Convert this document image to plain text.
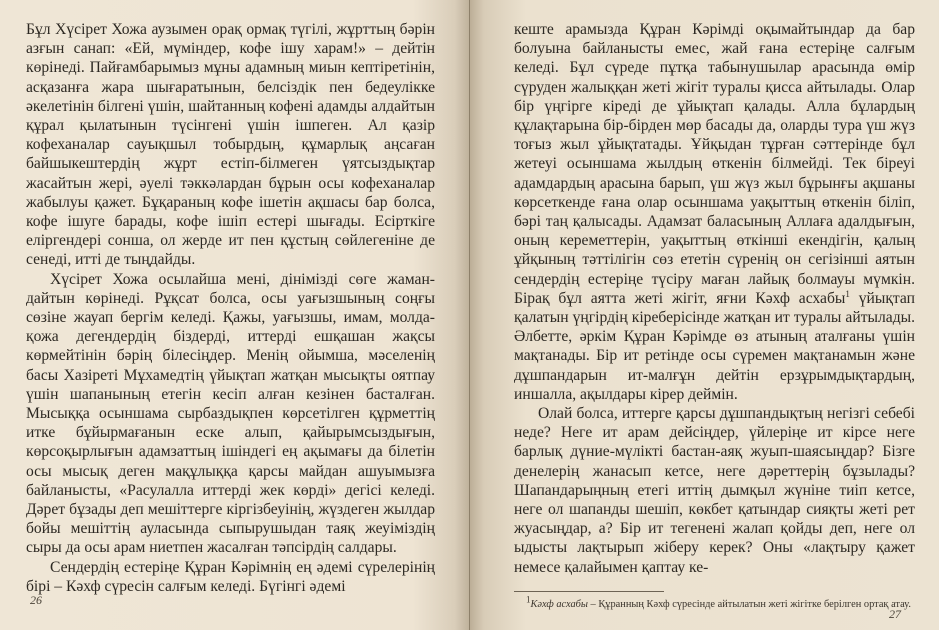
Бұл Хүсірет Хожа аузымен орақ ормақ түгілі, жұрттың бәрін азғын санап: «Ей, мүміндер, кофе ішу харам!» – дейтін көрінеді. Пайғамбарымыз мұны адамның миын кептіретінін, асқазанға жара шығаратынын, белсіздік пен бедеулікке әкелетінін білгені үшін, шайтанның кофені адамды алдайтын құрал қылатынын түсінгені үшін ішпеген. Ал қазір кофеханалар сауықшыл тобырдың, құмарлық аңсаған байшыкештердің жұрт естіп-білмеген үятсыздықтар жасайтын жері, әуелі тәккәлардан бұрын осы кофеханалар жабылуы қажет. Бұқараның кофе ішетін ақшасы бар болса, кофе ішуге барады, кофе ішіп естері шығады. Есірткіге еліргендері сонша, ол жерде ит пен құстың сөйлегеніне де сенеді, итті де тыңдайды.

Хүсірет Хожа осылайша мені, дінімізді сөге жамандайтын көрінеді. Рұқсат болса, осы уағызшының соңғы сөзіне жауап бергім келеді. Қажы, уағызшы, имам, молда-қожа дегендердің біздерді, иттерді ешқашан жақсы көрмейтінін бәрің білесіңдер. Менің ойымша, мәселенің басы Хазіреті Мұхамедтің үйықтап жатқан мысықты оятпау үшін шапанының етегін кесіп алған кезінен басталған. Мысыққа осыншама сырбаздықпен көрсетілген құрметтің итке бұйырмағанын еске алып, қайырымсыздығын, көрсоқырлығын адамзаттың ішіндегі ең ақымағы да білетін осы мысық деген мақұлыққа қарсы майдан ашуымызға байланысты, «Расулалла иттерді жек көрді» дегісі келеді. Дәрет бұзады деп мешіттерге кіргізбеуінің, жүздеген жылдар бойы мешіттің ауласында сыпырушыдан таяқ жеуіміздің сыры да осы арам ниетпен жасалған тәпсірдің салдары.

Сендердің естеріңе Құран Кәрімнің ең әдемі сүрелерінің бірі – Кәхф сүресін салғым келеді. Бүгінгі әдемі

26

кеште арамызда Құран Кәрімді оқымайтындар да бар болуына байланысты емес, жай ғана естеріңе салғым келеді. Бұл сүреде пұтқа табынушылар арасында өмір сүруден жалыққан жеті жігіт туралы қисса айтылады. Олар бір үңгірге кіреді де ұйықтап қалады. Алла бұлардың құлақтарына бір-бірден мөр басады да, оларды тура үш жүз тоғыз жыл ұйықтатады. Ұйқыдан тұрған сәттерінде бұл жетеуі осыншама жылдың өткенін білмейді. Тек біреуі адамдардың арасына барып, үш жүз жыл бұрынғы ақшаны көрсеткенде ғана олар осыншама уақыттың өткенін біліп, бәрі таң қалысады. Адамзат баласының Аллаға адалдығын, оның кереметтерін, уақыттың өткінші екендігін, қалың ұйқының тәттілігін сөз ететін сүренің он сегізінші аятын сендердің естеріңе түсіру маған лайық болмауы мүмкін. Бірақ бұл аятта жеті жігіт, яғни Кәхф асхабы$^1$ үйықтап қалатын үңгірдің кіреберісінде жатқан ит туралы айтылады. Әлбетте, әркім Құран Кәрімде өз атының аталғаны үшін мақтанады. Бір ит ретінде осы сүремен мақтанамын және дұшпандарын ит-малғұн дейтін ерзұрымдықтардың, иншалла, ақылдары кірер деймін.

Олай болса, иттерге қарсы дұшпандықтың негізгі себебі неде? Неге ит арам дейсіңдер, үйлеріңе ит кірсе неге барлық дүние-мүлікті бастан-аяқ жуып-шаясыңдар? Бізге денелерің жанасып кетсе, неге дәреттерің бұзылады? Шапандарыңның етегі иттің дымқыл жүніне тиіп кетсе, неге ол шапанды шешіп, көкбет қатындар сияқты жеті рет жуасыңдар, а? Бір ит тегенені жалап қойды деп, неге ол ыдысты лақтырып жіберу керек? Оны «лақтыру қажет немесе қалайымен қаптау ке-

$^1$Кәхф асхабы – Құранның Кәхф сүресінде айтылатын жеті жігітке берілген ортақ атау.
27
